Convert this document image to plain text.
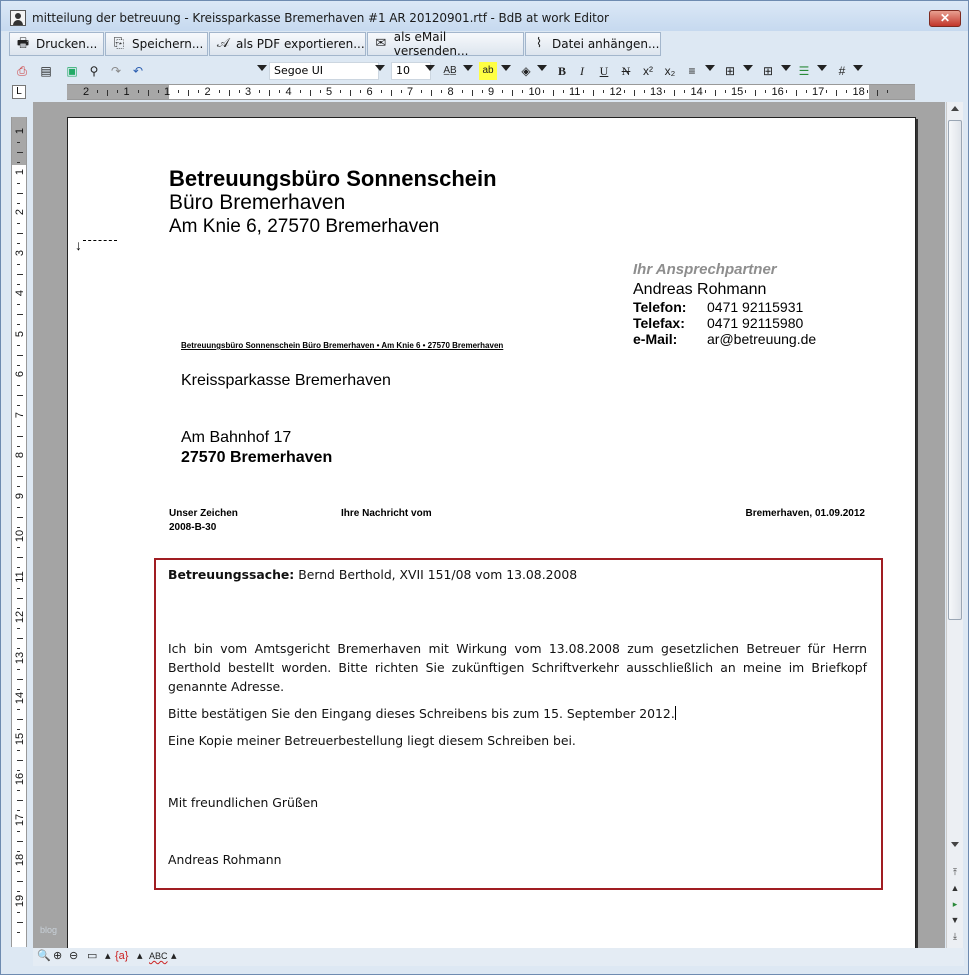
mitteilung der betreuung - Kreissparkasse Bremerhaven #1 AR 20120901.rtf - BdB at work Editor	✕
🖶 Drucken... ⎘ Speichern... 𝒜 als PDF exportieren... ✉ als eMail versenden...	⌇ Datei anhängen...
⎙	▤ ▣ ⚲	↷ ↶	Segoe UI	10	A̲B̲	ab	◈	B	I	U	N	x² x₂	≡	⊞	⊞	☰	#
L	2	1	1	2	3	4	5	6	7	8	9	10	11	12	13	14	15	16	17	18
1
1
2
3
4
5
6
7
8
9
10
11
12
13
14
15
16
17
18
19
Betreuungsbüro Sonnenschein
Büro Bremerhaven
Am Knie 6, 27570 Bremerhaven
↓
Ihr Ansprechpartner
Andreas Rohmann
Telefon: 0471 92115931
Telefax: 0471 92115980
e-Mail: ar@betreuung.de
Betreuungsbüro Sonnenschein Büro Bremerhaven • Am Knie 6 • 27570 Bremerhaven
Kreissparkasse Bremerhaven
Am Bahnhof 17
27570 Bremerhaven
Unser Zeichen
2008-B-30
Ihre Nachricht vom	Bremerhaven, 01.09.2012
Betreuungssache: Bernd Berthold, XVII 151/08 vom 13.08.2008
Ich bin vom Amtsgericht Bremerhaven mit Wirkung vom 13.08.2008 zum gesetzlichen Betreuer für Herrn Berthold bestellt worden. Bitte richten Sie zukünftigen Schriftverkehr ausschließlich an meine im Briefkopf genannte Adresse.
Bitte bestätigen Sie den Eingang dieses Schreibens bis zum 15. September 2012.
Eine Kopie meiner Betreuerbestellung liegt diesem Schreiben bei.
Mit freundlichen Grüßen
Andreas Rohmann
⤒
▲
▸
▼
⤓
🔍 ⊕ ⊖ ▭ ▴ {a} ▴ ABC ▴
blog
